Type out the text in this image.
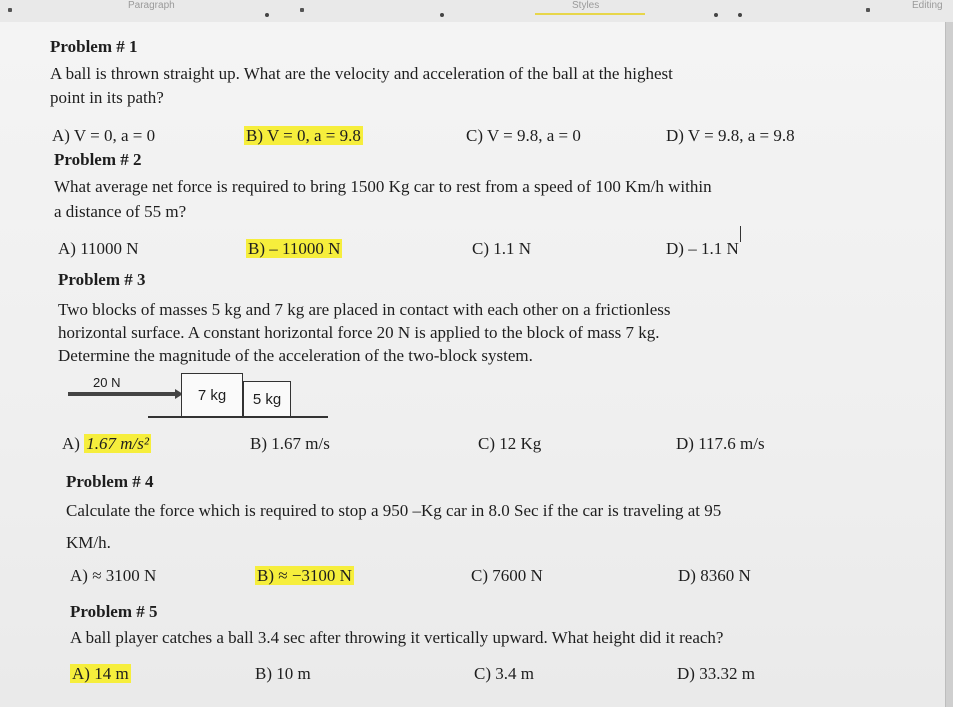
Paragraph	Styles	Editing
Problem # 1
A ball is thrown straight up. What are the velocity and acceleration of the ball at the highest
point in its path?
A) V = 0, a = 0	B) V = 0, a = 9.8	C) V = 9.8, a = 0	D) V = 9.8, a = 9.8
Problem # 2
What average net force is required to bring 1500 Kg car to rest from a speed of 100 Km/h within
a distance of 55 m?
A) 11000 N	B) – 11000 N	C) 1.1 N	D) – 1.1 N
Problem # 3
Two blocks of masses 5 kg and 7 kg are placed in contact with each other on a frictionless
horizontal surface. A constant horizontal force 20 N is applied to the block of mass 7 kg.
Determine the magnitude of the acceleration of the two-block system.
20 N
7 kg 5 kg
A) 1.67 m/s²	B) 1.67 m/s	C) 12 Kg	D) 117.6 m/s
Problem # 4
Calculate the force which is required to stop a 950 –Kg car in 8.0 Sec if the car is traveling at 95
KM/h.
A) ≈ 3100 N	B) ≈ −3100 N	C) 7600 N	D) 8360 N
Problem # 5
A ball player catches a ball 3.4 sec after throwing it vertically upward. What height did it reach?
A) 14 m	B) 10 m	C) 3.4 m	D) 33.32 m
